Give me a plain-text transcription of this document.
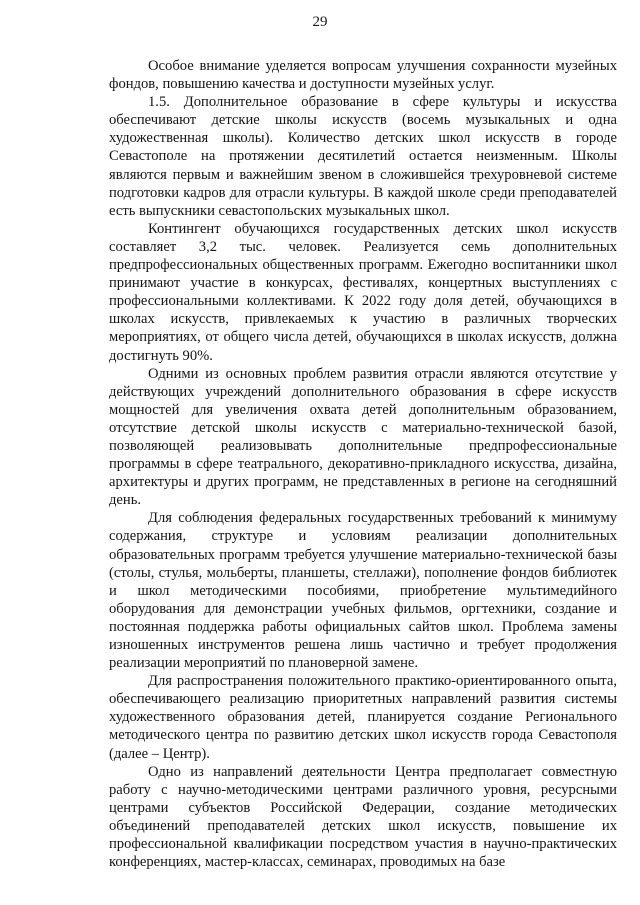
29

Особое внимание уделяется вопросам улучшения сохранности музейных фондов, повышению качества и доступности музейных услуг.

1.5. Дополнительное образование в сфере культуры и искусства обеспечивают детские школы искусств (восемь музыкальных и одна художественная школы). Количество детских школ искусств в городе Севастополе на протяжении десятилетий остается неизменным. Школы являются первым и важнейшим звеном в сложившейся трехуровневой системе подготовки кадров для отрасли культуры. В каждой школе среди преподавателей есть выпускники севастопольских музыкальных школ.

Контингент обучающихся государственных детских школ искусств составляет 3,2 тыс. человек. Реализуется семь дополнительных предпрофессиональных общественных программ. Ежегодно воспитанники школ принимают участие в конкурсах, фестивалях, концертных выступлениях с профессиональными коллективами. К 2022 году доля детей, обучающихся в школах искусств, привлекаемых к участию в различных творческих мероприятиях, от общего числа детей, обучающихся в школах искусств, должна достигнуть 90%.

Одними из основных проблем развития отрасли являются отсутствие у действующих учреждений дополнительного образования в сфере искусств мощностей для увеличения охвата детей дополнительным образованием, отсутствие детской школы искусств с материально-технической базой, позволяющей реализовывать дополнительные предпрофессиональные программы в сфере театрального, декоративно-прикладного искусства, дизайна, архитектуры и других программ, не представленных в регионе на сегодняшний день.

Для соблюдения федеральных государственных требований к минимуму содержания, структуре и условиям реализации дополнительных образовательных программ требуется улучшение материально-технической базы (столы, стулья, мольберты, планшеты, стеллажи), пополнение фондов библиотек и школ методическими пособиями, приобретение мультимедийного оборудования для демонстрации учебных фильмов, оргтехники, создание и постоянная поддержка работы официальных сайтов школ. Проблема замены изношенных инструментов решена лишь частично и требует продолжения реализации мероприятий по плановерной замене.

Для распространения положительного практико-ориентированного опыта, обеспечивающего реализацию приоритетных направлений развития системы художественного образования детей, планируется создание Регионального методического центра по развитию детских школ искусств города Севастополя (далее – Центр).

Одно из направлений деятельности Центра предполагает совместную работу с научно-методическими центрами различного уровня, ресурсными центрами субъектов Российской Федерации, создание методических объединений преподавателей детских школ искусств, повышение их профессиональной квалификации посредством участия в научно-практических конференциях, мастер-классах, семинарах, проводимых на базе
